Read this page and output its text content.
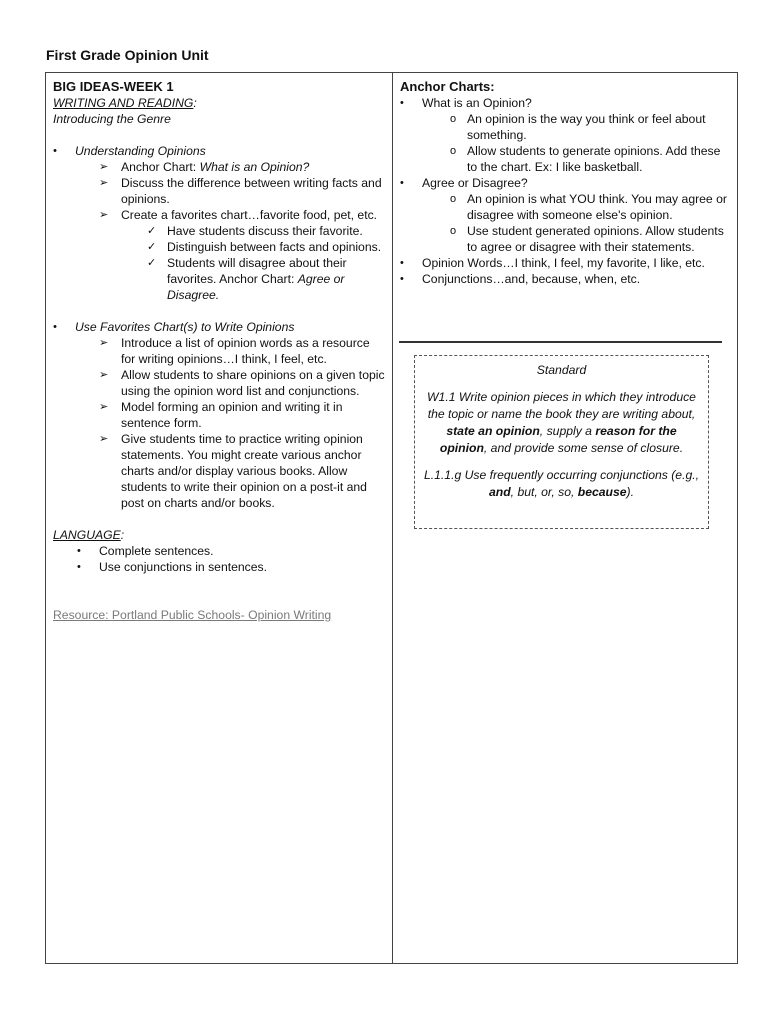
First Grade Opinion Unit
BIG IDEAS-WEEK 1
WRITING AND READING:
Introducing the Genre
• Understanding Opinions
➢ Anchor Chart: What is an Opinion?
➢ Discuss the difference between writing facts and opinions.
➢ Create a favorites chart…favorite food, pet, etc.
✓ Have students discuss their favorite.
✓ Distinguish between facts and opinions.
✓ Students will disagree about their favorites. Anchor Chart: Agree or Disagree.
• Use Favorites Chart(s) to Write Opinions
➢ Introduce a list of opinion words as a resource for writing opinions…I think, I feel, etc.
➢ Allow students to share opinions on a given topic using the opinion word list and conjunctions.
➢ Model forming an opinion and writing it in sentence form.
➢ Give students time to practice writing opinion statements. You might create various anchor charts and/or display various books. Allow students to write their opinion on a post-it and post on charts and/or books.
LANGUAGE:
• Complete sentences.
• Use conjunctions in sentences.
Resource: Portland Public Schools- Opinion Writing
Anchor Charts:
• What is an Opinion?
o An opinion is the way you think or feel about something.
o Allow students to generate opinions. Add these to the chart. Ex: I like basketball.
• Agree or Disagree?
o An opinion is what YOU think. You may agree or disagree with someone else's opinion.
o Use student generated opinions. Allow students to agree or disagree with their statements.
• Opinion Words…I think, I feel, my favorite, I like, etc.
• Conjunctions…and, because, when, etc.

Standard

W1.1 Write opinion pieces in which they introduce the topic or name the book they are writing about, state an opinion, supply a reason for the opinion, and provide some sense of closure.

L.1.1.g Use frequently occurring conjunctions (e.g., and, but, or, so, because).
